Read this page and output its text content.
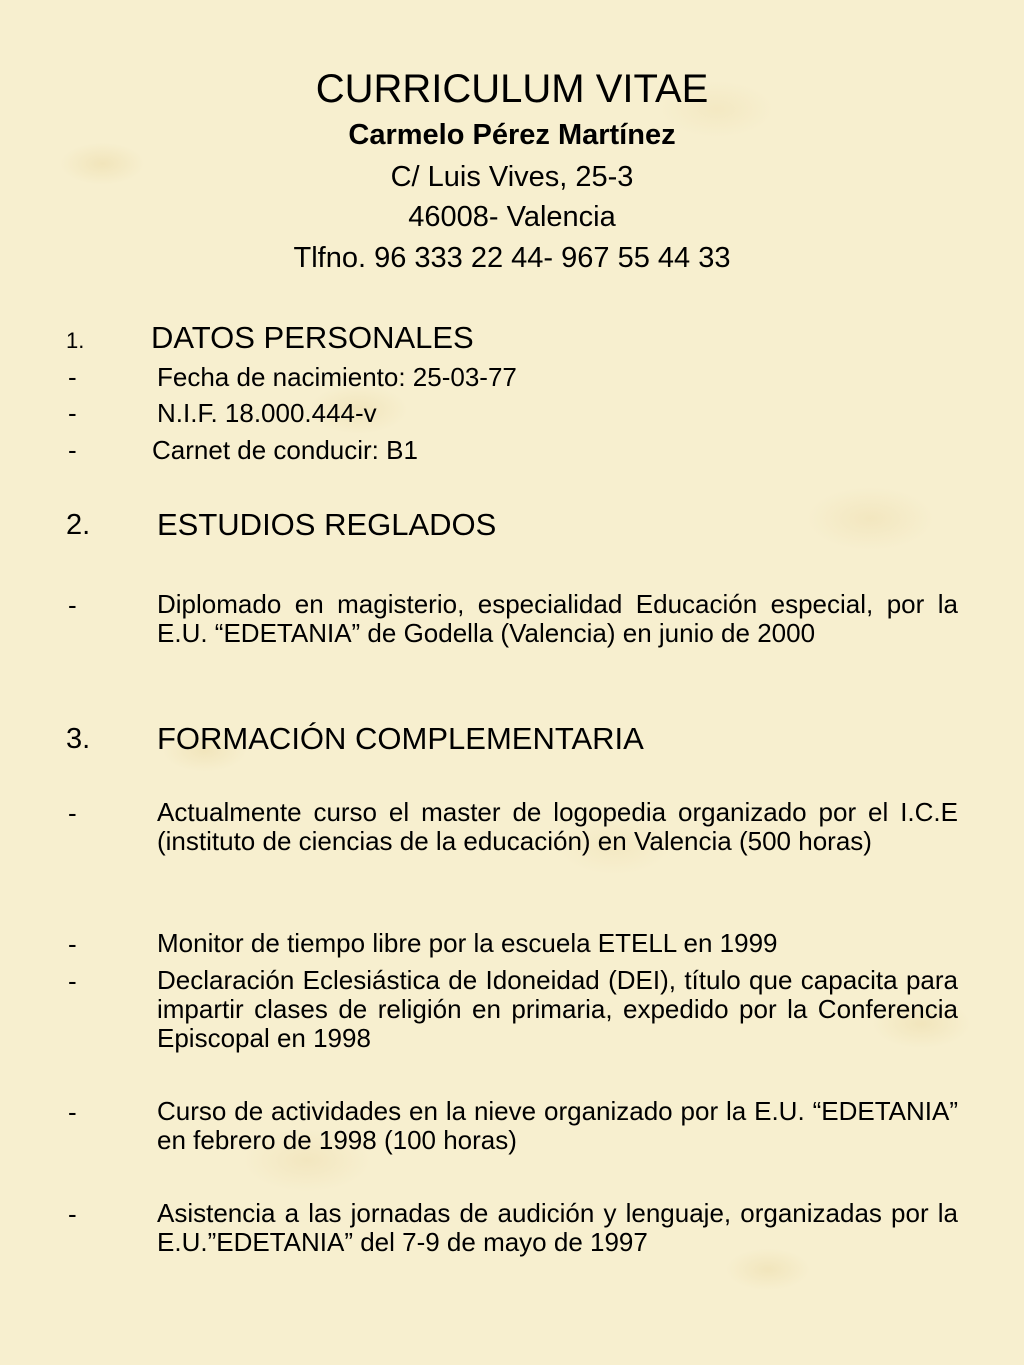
CURRICULUM VITAE
Carmelo Pérez Martínez
C/ Luis Vives, 25-3
46008- Valencia
Tlfno. 96 333 22 44- 967 55 44 33
1. DATOS PERSONALES
-	Fecha de nacimiento: 25-03-77
-	N.I.F. 18.000.444-v
-	Carnet de conducir: B1
2. ESTUDIOS REGLADOS
-	Diplomado en magisterio, especialidad Educación especial, por la E.U. “EDETANIA” de Godella (Valencia) en junio de 2000
3. FORMACIÓN COMPLEMENTARIA
-	Actualmente curso el master de logopedia organizado por el I.C.E (instituto de ciencias de la educación) en Valencia (500 horas)
-	Monitor de tiempo libre por la escuela ETELL en 1999
-	Declaración Eclesiástica de Idoneidad (DEI), título que capacita para impartir clases de religión en primaria, expedido por la Conferencia Episcopal en 1998
-	Curso de actividades en la nieve organizado por la E.U. “EDETANIA” en febrero de 1998 (100 horas)
-	Asistencia a las jornadas de audición y lenguaje, organizadas por la E.U.”EDETANIA” del 7-9 de mayo de 1997
